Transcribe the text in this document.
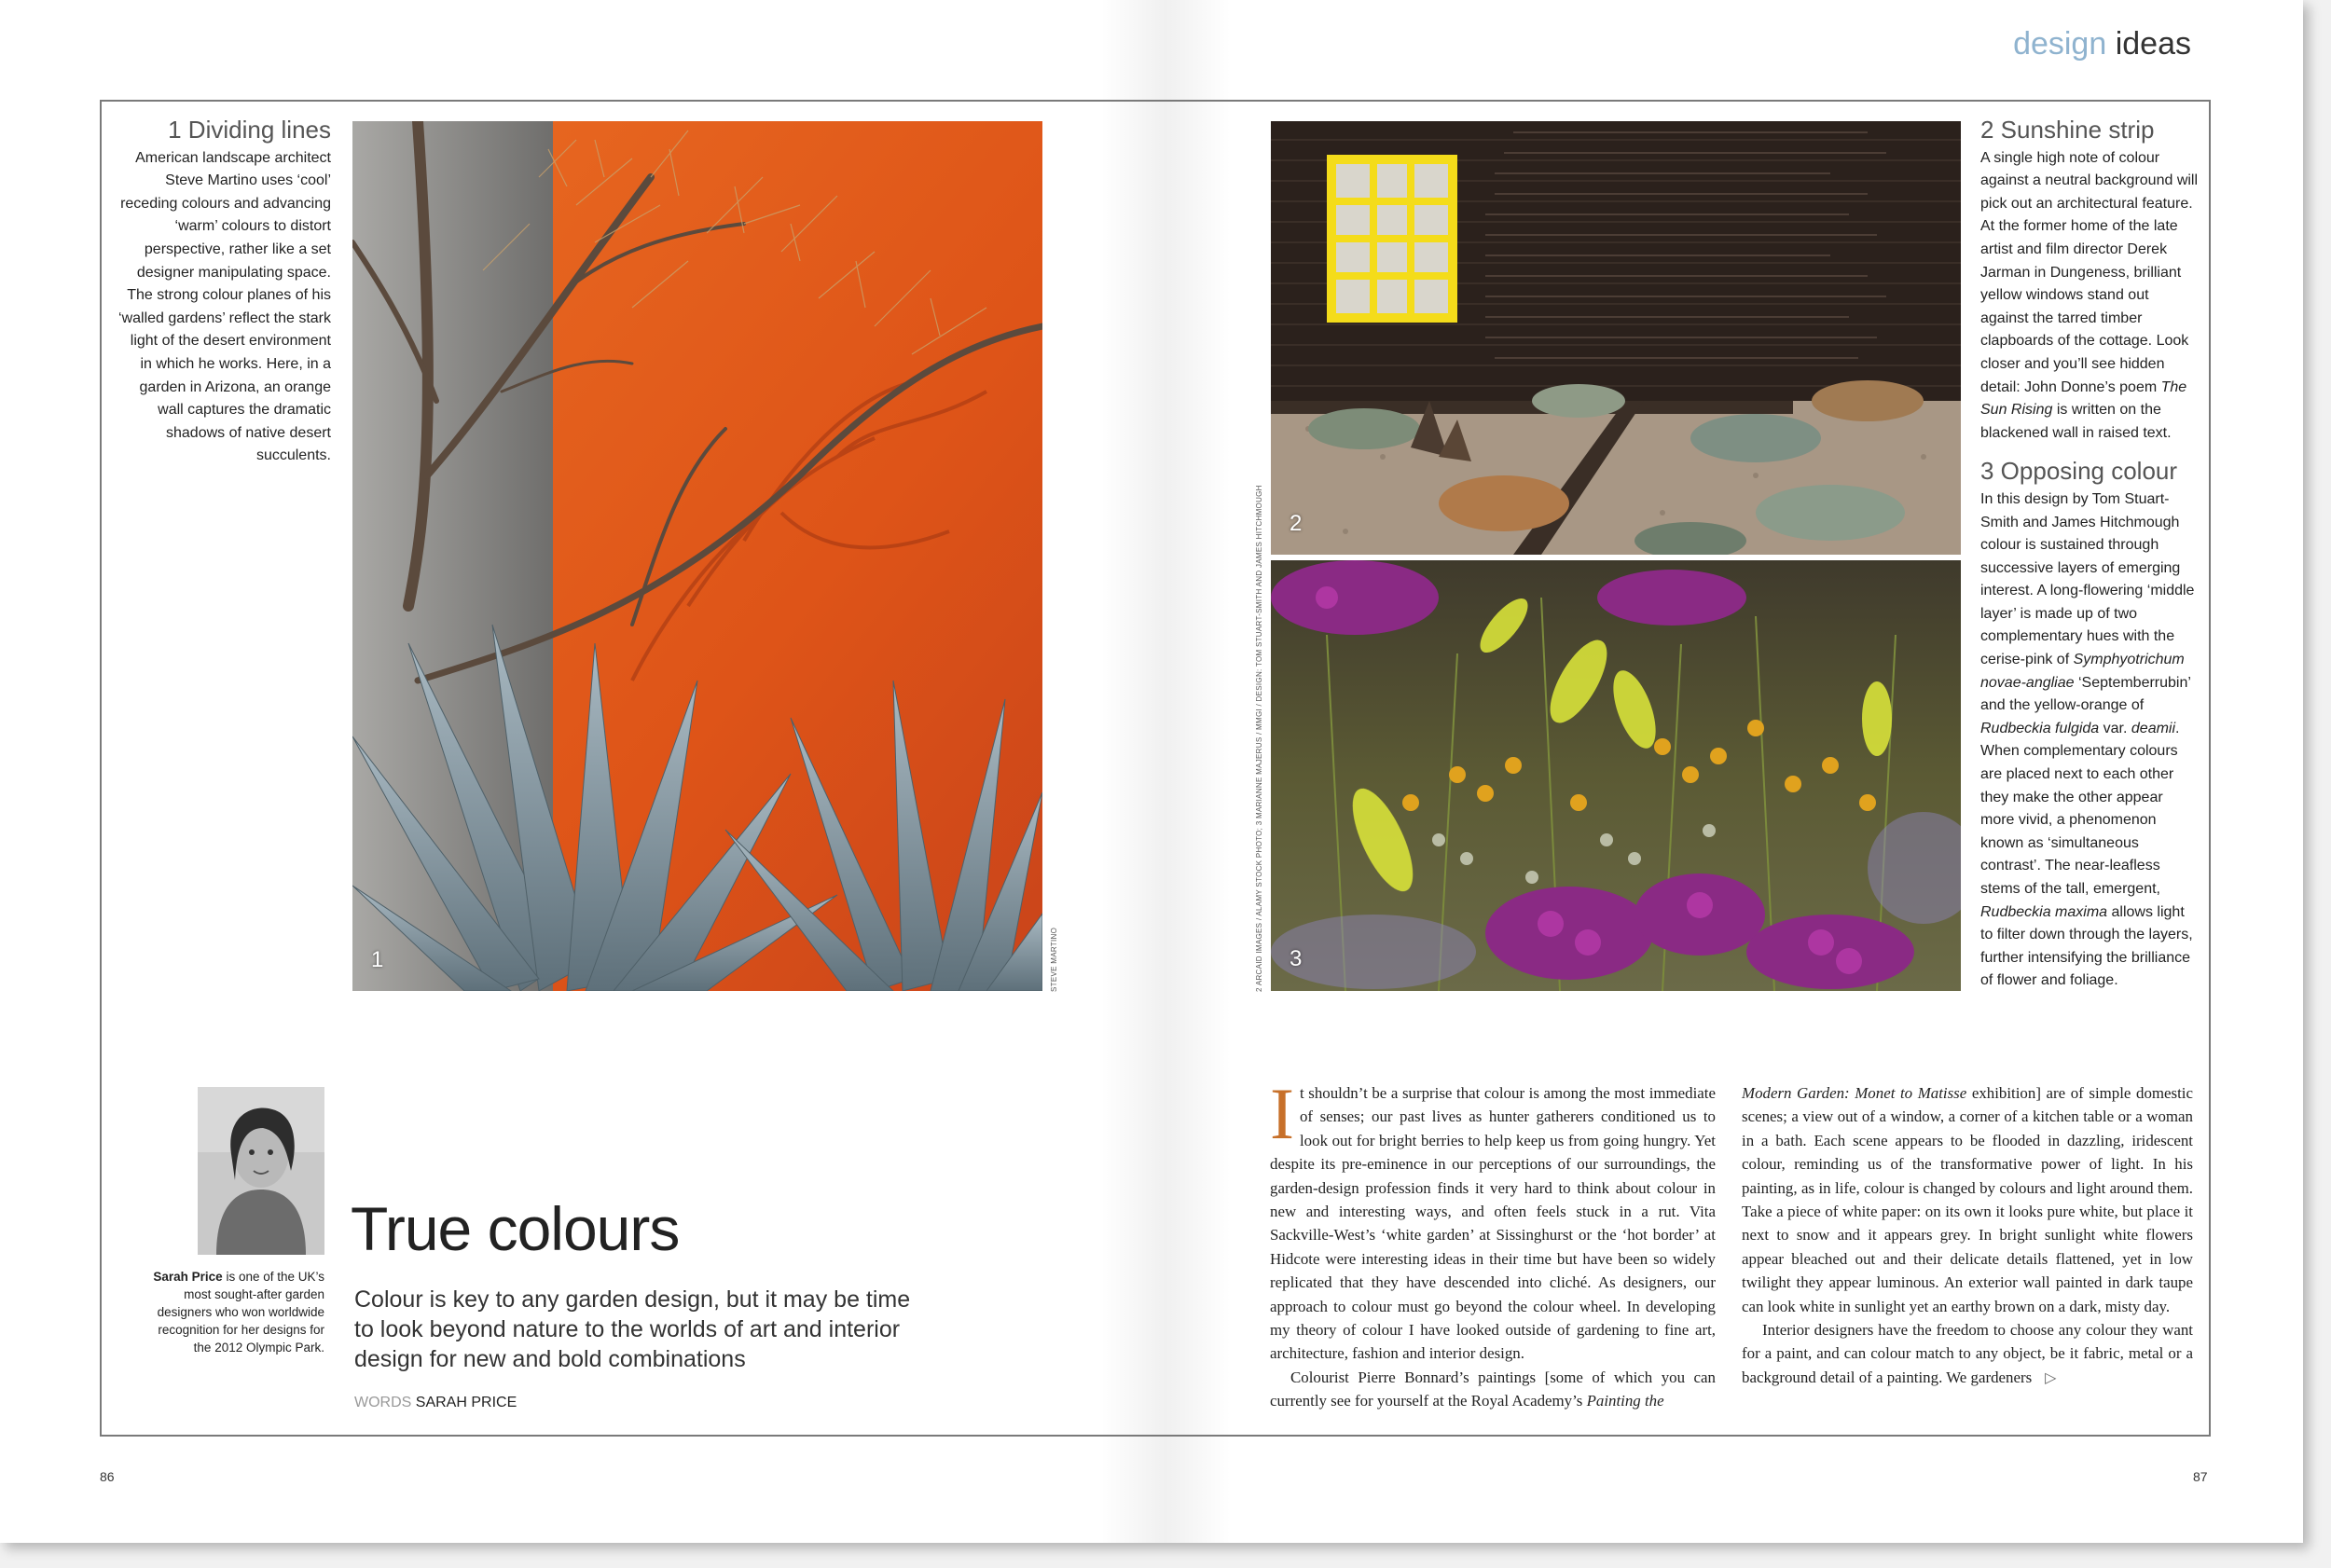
design ideas
1 Dividing lines
American landscape architect Steve Martino uses ‘cool’ receding colours and advancing ‘warm’ colours to distort perspective, rather like a set designer manipulating space. The strong colour planes of his ‘walled gardens’ reflect the stark light of the desert environment in which he works. Here, in a garden in Arizona, an orange wall captures the dramatic shadows of native desert succulents.
1	STEVE MARTINO
2
3
2 ARCAID IMAGES / ALAMY STOCK PHOTO; 3 MARIANNE MAJERUS / MMGI / DESIGN: TOM STUART-SMITH AND JAMES HITCHMOUGH
2 Sunshine strip
A single high note of colour against a neutral background will pick out an architectural feature. At the former home of the late artist and film director Derek Jarman in Dungeness, brilliant yellow windows stand out against the tarred timber clapboards of the cottage. Look closer and you’ll see hidden detail: John Donne’s poem The Sun Rising is written on the blackened wall in raised text.
3 Opposing colour
In this design by Tom Stuart-Smith and James Hitchmough colour is sustained through successive layers of emerging interest. A long-flowering ‘middle layer’ is made up of two complementary hues with the cerise-pink of Symphyotrichum novae-angliae ‘Septemberrubin’ and the yellow-orange of Rudbeckia fulgida var. deamii. When complementary colours are placed next to each other they make the other appear more vivid, a phenomenon known as ‘simultaneous contrast’. The near-leafless stems of the tall, emergent, Rudbeckia maxima allows light to filter down through the layers, further intensifying the brilliance of flower and foliage.
Sarah Price is one of the UK’s most sought-after garden designers who won worldwide recognition for her designs for the 2012 Olympic Park.
True colours
Colour is key to any garden design, but it may be time to look beyond nature to the worlds of art and interior design for new and bold combinations
WORDS SARAH PRICE

It shouldn’t be a surprise that colour is among the most immediate of senses; our past lives as hunter gatherers conditioned us to look out for bright berries to help keep us from going hungry. Yet despite its pre-eminence in our perceptions of our surroundings, the garden-design profession finds it very hard to think about colour in new and interesting ways, and often feels stuck in a rut. Vita Sackville-West’s ‘white garden’ at Sissinghurst or the ‘hot border’ at Hidcote were interesting ideas in their time but have been so widely replicated that they have descended into cliché. As designers, our approach to colour must go beyond the colour wheel. In developing my theory of colour I have looked outside of gardening to fine art, architecture, fashion and interior design.

Colourist Pierre Bonnard’s paintings [some of which you can currently see for yourself at the Royal Academy’s Painting the

Modern Garden: Monet to Matisse exhibition] are of simple domestic scenes; a view out of a window, a corner of a kitchen table or a woman in a bath. Each scene appears to be flooded in dazzling, iridescent colour, reminding us of the transformative power of light. In his painting, as in life, colour is changed by colours and light around them. Take a piece of white paper: on its own it looks pure white, but place it next to snow and it appears grey. In bright sunlight white flowers appear bleached out and their delicate details flattened, yet in low twilight they appear luminous. An exterior wall painted in dark taupe can look white in sunlight yet an earthy brown on a dark, misty day.

Interior designers have the freedom to choose any colour they want for a paint, and can colour match to any object, be it fabric, metal or a background detail of a painting. We gardeners ▷

86	87
